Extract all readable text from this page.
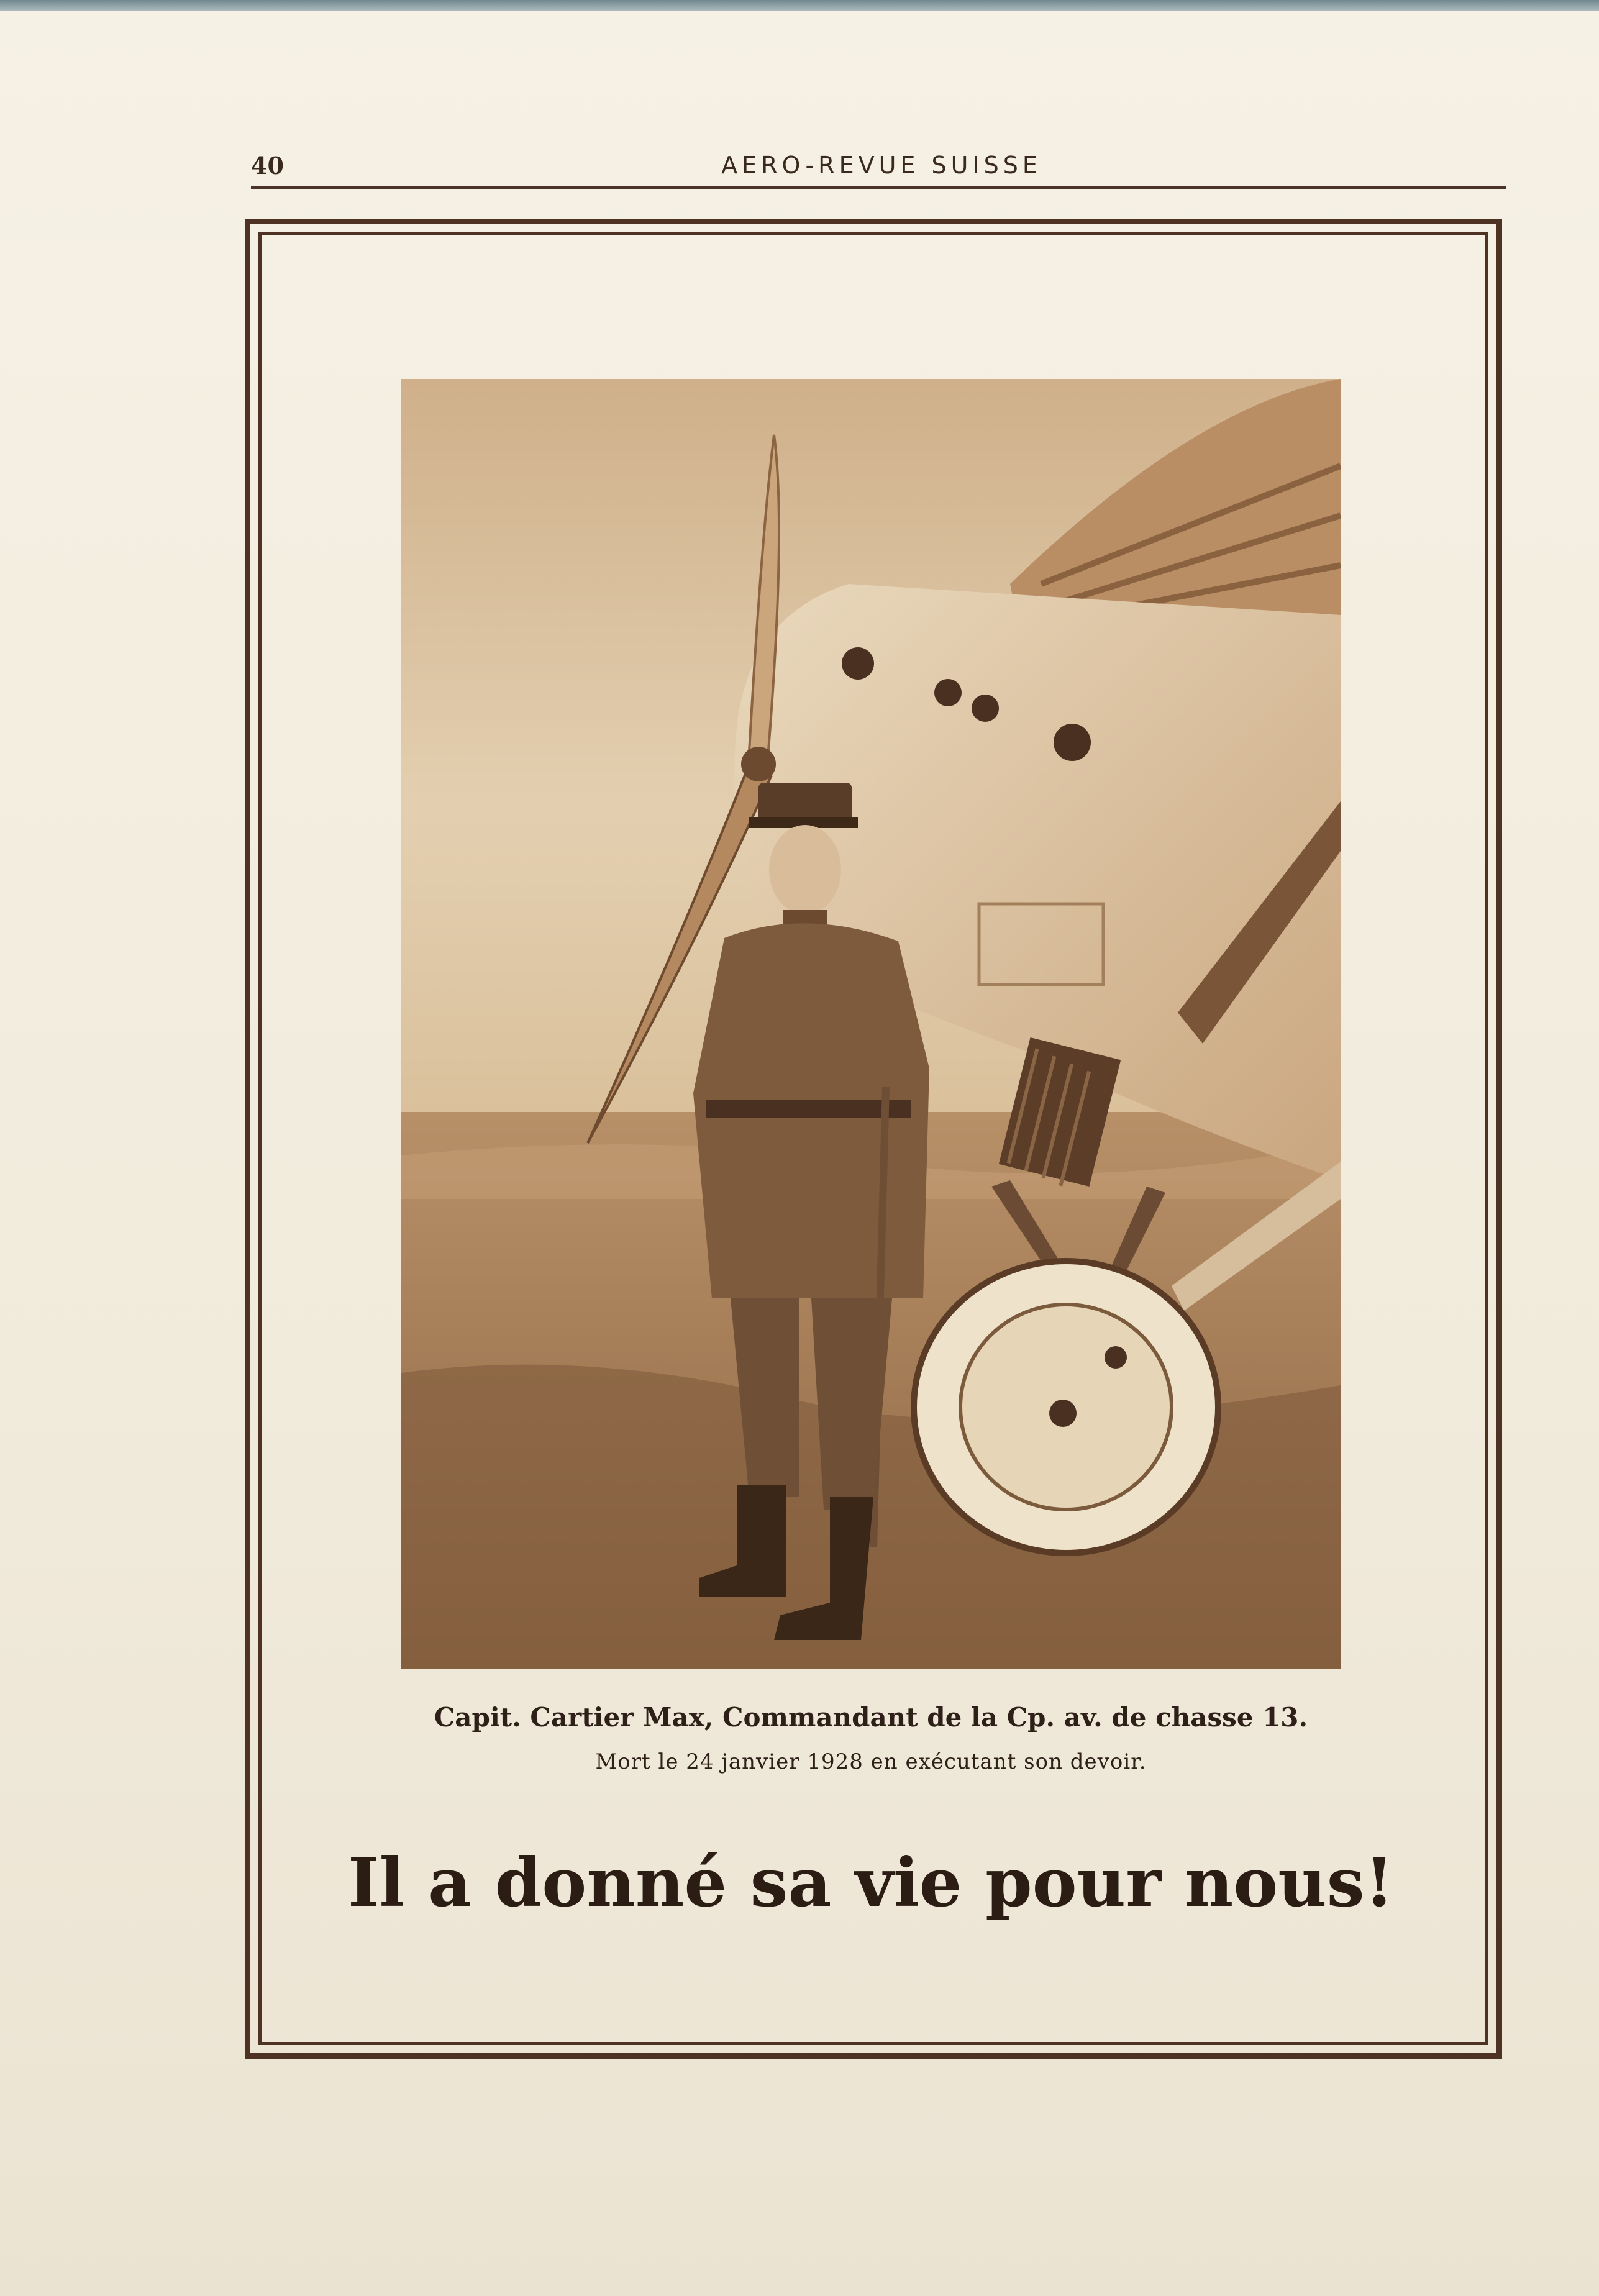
40	AERO-REVUE SUISSE
Capit. Cartier Max, Commandant de la Cp. av. de chasse 13.
Mort le 24 janvier 1928 en exécutant son devoir.
Il a donné sa vie pour nous!
